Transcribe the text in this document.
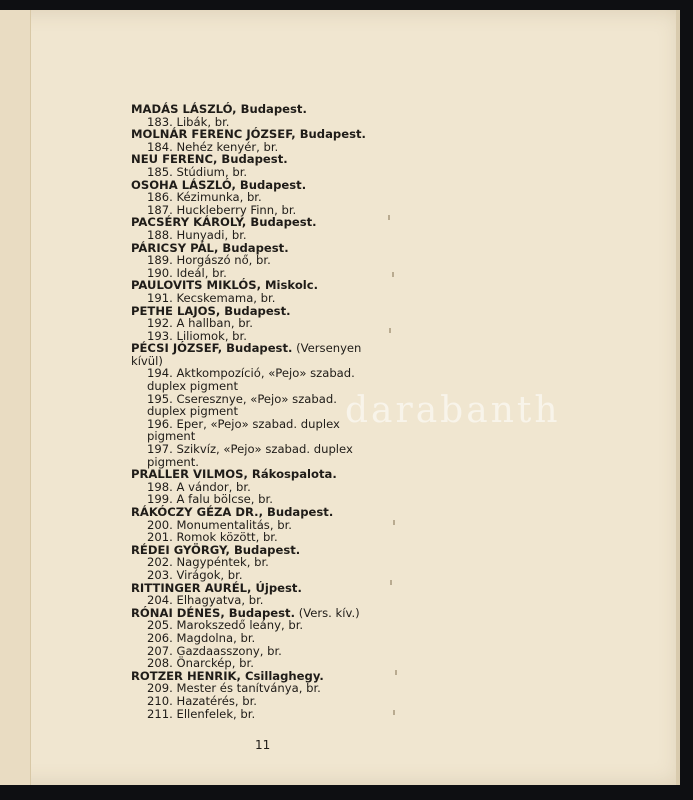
darabanth
MADÁS LÁSZLÓ, Budapest.
183. Libák, br.
MOLNÁR FERENC JÓZSEF, Budapest.
184. Nehéz kenyér, br.
NEU FERENC, Budapest.
185. Stúdium, br.
OSOHA LÁSZLÓ, Budapest.
186. Kézimunka, br.
187. Huckleberry Finn, br.
PACSÉRY KÁROLY, Budapest.
188. Hunyadi, br.
PÁRICSY PÁL, Budapest.
189. Horgászó nő, br.
190. Ideál, br.
PAULOVITS MIKLÓS, Miskolc.
191. Kecskemama, br.
PETHE LAJOS, Budapest.
192. A hallban, br.
193. Liliomok, br.
PÉCSI JÓZSEF, Budapest. (Versenyen kívül)
194. Aktkompozíció, «Pejo» szabad. duplex pigment
195. Cseresznye, «Pejo» szabad. duplex pigment
196. Eper, «Pejo» szabad. duplex pigment
197. Szikvíz, «Pejo» szabad. duplex pigment.
PRALLER VILMOS, Rákospalota.
198. A vándor, br.
199. A falu bölcse, br.
RÁKÓCZY GÉZA DR., Budapest.
200. Monumentalitás, br.
201. Romok között, br.
RÉDEI GYÖRGY, Budapest.
202. Nagypéntek, br.
203. Virágok, br.
RITTINGER AURÉL, Újpest.
204. Elhagyatva, br.
RÓNAI DÉNES, Budapest. (Vers. kív.)
205. Marokszedő leány, br.
206. Magdolna, br.
207. Gazdaasszony, br.
208. Önarckép, br.
ROTZER HENRIK, Csillaghegy.
209. Mester és tanítványa, br.
210. Hazatérés, br.
211. Ellenfelek, br.
11
